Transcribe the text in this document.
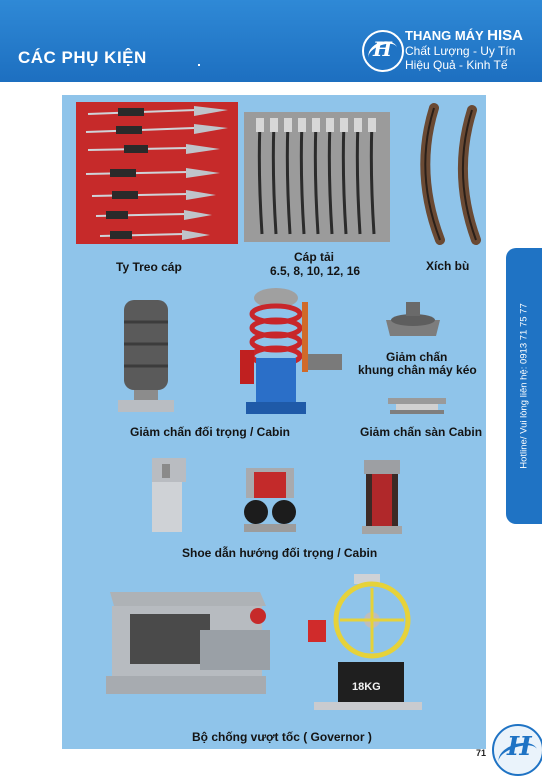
CÁC PHỤ KIỆN	H
THANG MÁY HISA
Chất Lượng - Uy Tín
Hiệu Quả - Kinh Tế
Ty Treo cáp
Cáp tải
6.5, 8, 10, 12, 16	Xích bù
Giảm chấn
khung chân máy kéo
Giảm chấn đối trọng / Cabin	Giảm chấn sàn Cabin
Shoe dẫn hướng đối trọng / Cabin
18KG
Bộ chống vượt tốc ( Governor )
Hotline/ Vui lòng liên hệ: 0913 71 75 77
71 H
